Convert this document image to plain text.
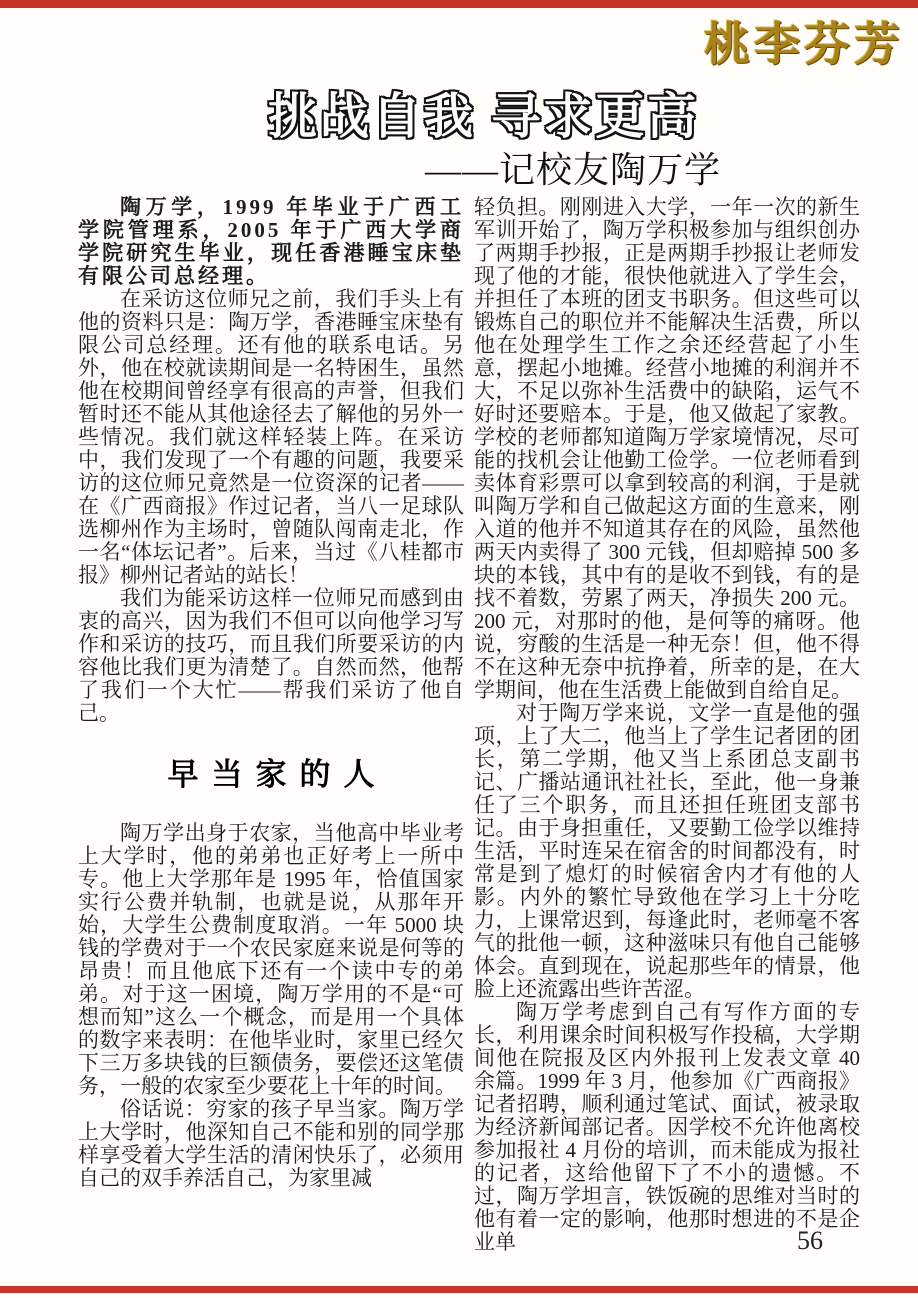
桃李芬芳
挑战自我 寻求更高
——记校友陶万学

陶万学，1999 年毕业于广西工学院管理系，2005 年于广西大学商学院研究生毕业，现任香港睡宝床垫有限公司总经理。

在采访这位师兄之前，我们手头上有他的资料只是：陶万学，香港睡宝床垫有限公司总经理。还有他的联系电话。另外，他在校就读期间是一名特困生，虽然他在校期间曾经享有很高的声誉，但我们暂时还不能从其他途径去了解他的另外一些情况。我们就这样轻装上阵。在采访中，我们发现了一个有趣的问题，我要采访的这位师兄竟然是一位资深的记者——在《广西商报》作过记者，当八一足球队选柳州作为主场时，曾随队闯南走北，作一名“体坛记者”。后来，当过《八桂都市报》柳州记者站的站长！

我们为能采访这样一位师兄而感到由衷的高兴，因为我们不但可以向他学习写作和采访的技巧，而且我们所要采访的内容他比我们更为清楚了。自然而然，他帮了我们一个大忙——帮我们采访了他自己。

早当家的人

陶万学出身于农家，当他高中毕业考上大学时，他的弟弟也正好考上一所中专。他上大学那年是 1995 年，恰值国家实行公费并轨制，也就是说，从那年开始，大学生公费制度取消。一年 5000 块钱的学费对于一个农民家庭来说是何等的昂贵！而且他底下还有一个读中专的弟弟。对于这一困境，陶万学用的不是“可想而知”这么一个概念，而是用一个具体的数字来表明：在他毕业时，家里已经欠下三万多块钱的巨额债务，要偿还这笔债务，一般的农家至少要花上十年的时间。

俗话说：穷家的孩子早当家。陶万学上大学时，他深知自己不能和别的同学那样享受着大学生活的清闲快乐了，必须用自己的双手养活自己，为家里减

轻负担。刚刚进入大学，一年一次的新生军训开始了，陶万学积极参加与组织创办了两期手抄报，正是两期手抄报让老师发现了他的才能，很快他就进入了学生会，并担任了本班的团支书职务。但这些可以锻炼自己的职位并不能解决生活费，所以他在处理学生工作之余还经营起了小生意，摆起小地摊。经营小地摊的利润并不大，不足以弥补生活费中的缺陷，运气不好时还要赔本。于是，他又做起了家教。学校的老师都知道陶万学家境情况，尽可能的找机会让他勤工俭学。一位老师看到卖体育彩票可以拿到较高的利润，于是就叫陶万学和自己做起这方面的生意来，刚入道的他并不知道其存在的风险，虽然他两天内卖得了 300 元钱，但却赔掉 500 多块的本钱，其中有的是收不到钱，有的是找不着数，劳累了两天，净损失 200 元。200 元，对那时的他，是何等的痛呀。他说，穷酸的生活是一种无奈！但，他不得不在这种无奈中抗挣着，所幸的是，在大学期间，他在生活费上能做到自给自足。

对于陶万学来说，文学一直是他的强项，上了大二，他当上了学生记者团的团长，第二学期，他又当上系团总支副书记、广播站通讯社社长，至此，他一身兼任了三个职务，而且还担任班团支部书记。由于身担重任，又要勤工俭学以维持生活，平时连呆在宿舍的时间都没有，时常是到了熄灯的时候宿舍内才有他的人影。内外的繁忙导致他在学习上十分吃力，上课常迟到，每逢此时，老师毫不客气的批他一顿，这种滋味只有他自己能够体会。直到现在，说起那些年的情景，他脸上还流露出些许苦涩。

陶万学考虑到自己有写作方面的专长，利用课余时间积极写作投稿，大学期间他在院报及区内外报刊上发表文章 40 余篇。1999 年 3 月，他参加《广西商报》记者招聘，顺利通过笔试、面试，被录取为经济新闻部记者。因学校不允许他离校参加报社 4 月份的培训，而未能成为报社的记者，这给他留下了不小的遗憾。不过，陶万学坦言，铁饭碗的思维对当时的他有着一定的影响，他那时想进的不是企业单	56
